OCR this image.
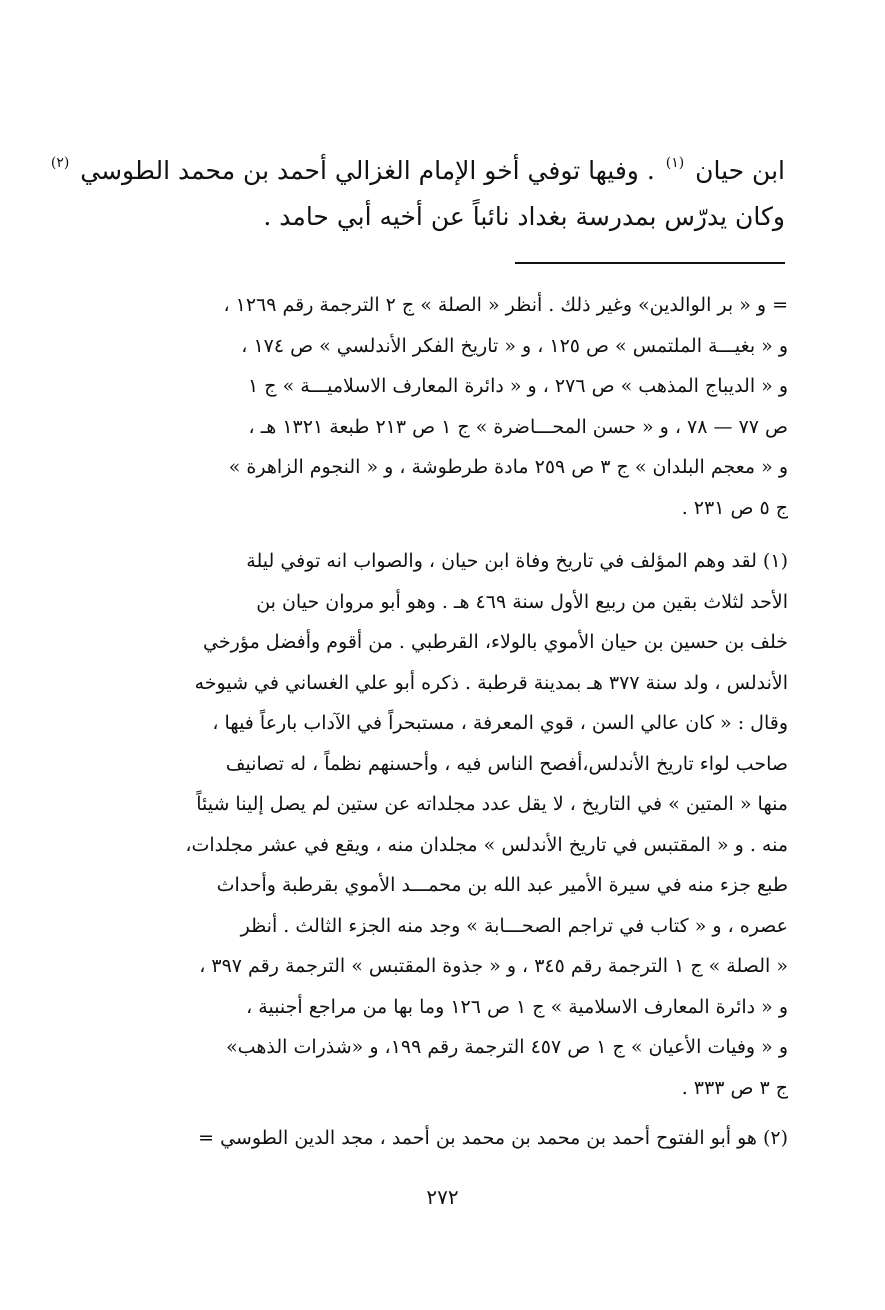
ابن حيان $^{(١)}$ . وفيها توفي أخو الإمام الغزالي أحمد بن محمد الطوسي $^{(٢)}$
وكان يدرّس بمدرسة بغداد نائباً عن أخيه أبي حامد .
= و « بر الوالدين» وغير ذلك . أنظر « الصلة » ج ٢ الترجمة رقم ١٢٦٩ ،
و « بغيـــة الملتمس » ص ١٢٥ ، و « تاريخ الفكر الأندلسي » ص ١٧٤ ،
و « الديباج المذهب » ص ٢٧٦ ، و « دائرة المعارف الاسلاميـــة » ج ١
ص ٧٧ — ٧٨ ، و « حسن المحـــاضرة » ج ١ ص ٢١٣ طبعة ١٣٢١ هـ ،
و « معجم البلدان » ج ٣ ص ٢٥٩ مادة طرطوشة ، و « النجوم الزاهرة »
ج ٥ ص ٢٣١ .
(١) لقد وهم المؤلف في تاريخ وفاة ابن حيان ، والصواب انه توفي ليلة
الأحد لثلاث بقين من ربيع الأول سنة ٤٦٩ هـ . وهو أبو مروان حيان بن
خلف بن حسين بن حيان الأموي بالولاء، القرطبي . من أقوم وأفضل مؤرخي
الأندلس ، ولد سنة ٣٧٧ هـ بمدينة قرطبة . ذكره أبو علي الغساني في شيوخه
وقال : « كان عالي السن ، قوي المعرفة ، مستبحراً في الآداب بارعاً فيها ،
صاحب لواء تاريخ الأندلس،أفصح الناس فيه ، وأحسنهم نظماً ، له تصانيف
منها « المتين » في التاريخ ، لا يقل عدد مجلداته عن ستين لم يصل إلينا شيئاً
منه . و « المقتبس في تاريخ الأندلس » مجلدان منه ، ويقع في عشر مجلدات،
طبع جزء منه في سيرة الأمير عبد الله بن محمـــد الأموي بقرطبة وأحداث
عصره ، و « كتاب في تراجم الصحـــابة » وجد منه الجزء الثالث . أنظر
« الصلة » ج ١ الترجمة رقم ٣٤٥ ، و « جذوة المقتبس » الترجمة رقم ٣٩٧ ،
و « دائرة المعارف الاسلامية » ج ١ ص ١٢٦ وما بها من مراجع أجنبية ،
و « وفيات الأعيان » ج ١ ص ٤٥٧ الترجمة رقم ١٩٩، و «شذرات الذهب»
ج ٣ ص ٣٣٣ .
(٢) هو أبو الفتوح أحمد بن محمد بن محمد بن أحمد ، مجد الدين الطوسي =
٢٧٢
